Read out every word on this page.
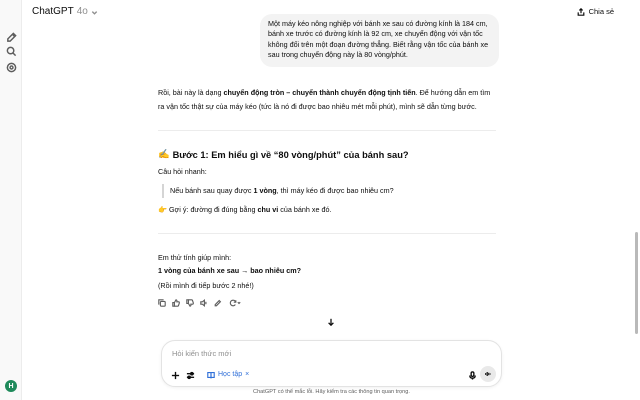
H
ChatGPT 4o	Chia sẻ
Một máy kéo nông nghiệp với bánh xe sau có đường kính là 184 cm, bánh xe trước có đường kính là 92 cm, xe chuyển động với vận tốc không đổi trên một đoạn đường thẳng. Biết rằng vận tốc của bánh xe sau trong chuyển động này là 80 vòng/phút.
Rồi, bài này là dạng chuyển động tròn – chuyển thành chuyển động tịnh tiến. Để hướng dẫn em tìm ra vận tốc thật sự của máy kéo (tức là nó đi được bao nhiêu mét mỗi phút), mình sẽ dẫn từng bước.
✍️ Bước 1: Em hiểu gì về “80 vòng/phút” của bánh sau?
Câu hỏi nhanh:
Nếu bánh sau quay được 1 vòng, thì máy kéo đi được bao nhiêu cm?
👉 Gợi ý: đường đi đúng bằng chu vi của bánh xe đó.
Em thử tính giúp mình:
1 vòng của bánh xe sau → bao nhiêu cm?
(Rồi mình đi tiếp bước 2 nhé!)
Hỏi kiến thức mới
Học tập ×
ChatGPT có thể mắc lỗi. Hãy kiểm tra các thông tin quan trọng.
